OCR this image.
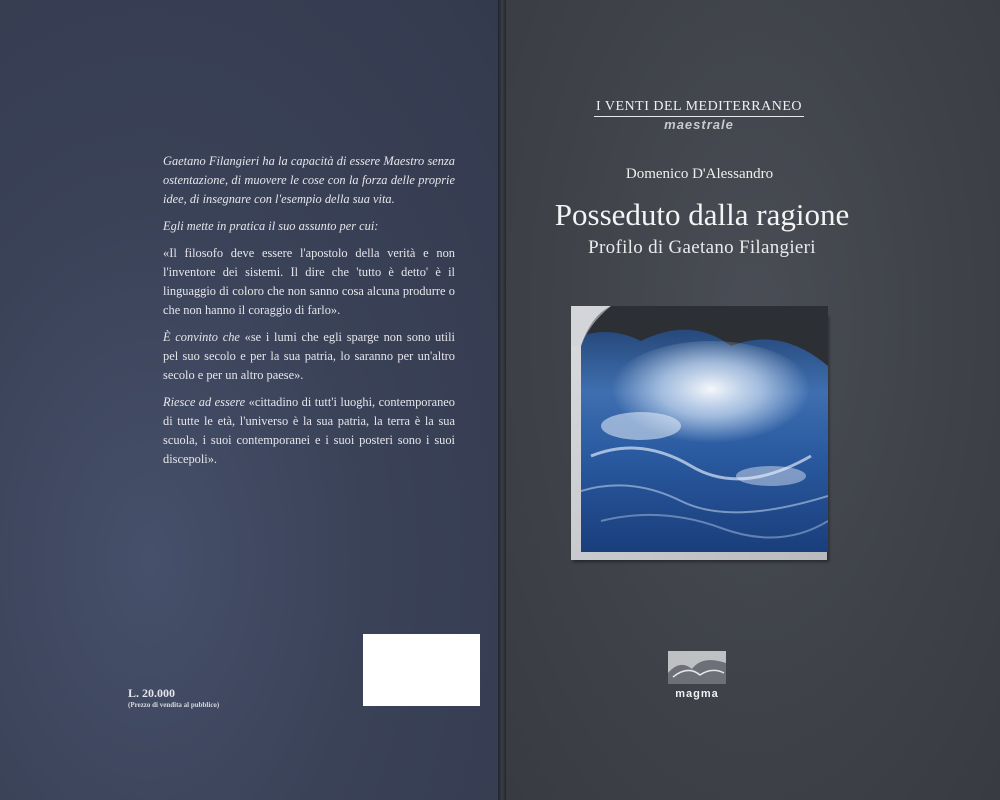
Gaetano Filangieri ha la capacità di essere Maestro senza ostentazione, di muovere le cose con la forza delle proprie idee, di insegnare con l'esempio della sua vita.

Egli mette in pratica il suo assunto per cui:

«Il filosofo deve essere l'apostolo della verità e non l'inventore dei sistemi. Il dire che 'tutto è detto' è il linguaggio di coloro che non sanno cosa alcuna produrre o che non hanno il coraggio di farlo».

È convinto che «se i lumi che egli sparge non sono utili pel suo secolo e per la sua patria, lo saranno per un'altro secolo e per un altro paese».

Riesce ad essere «cittadino di tutt'i luoghi, contemporaneo di tutte le età, l'universo è la sua patria, la terra è la sua scuola, i suoi contemporanei e i suoi posteri sono i suoi discepoli».

L. 20.000
(Prezzo di vendita al pubblico)
I VENTI DEL MEDITERRANEO
maestrale
Domenico D'Alessandro
Posseduto dalla ragione
Profilo di Gaetano Filangieri
magma
